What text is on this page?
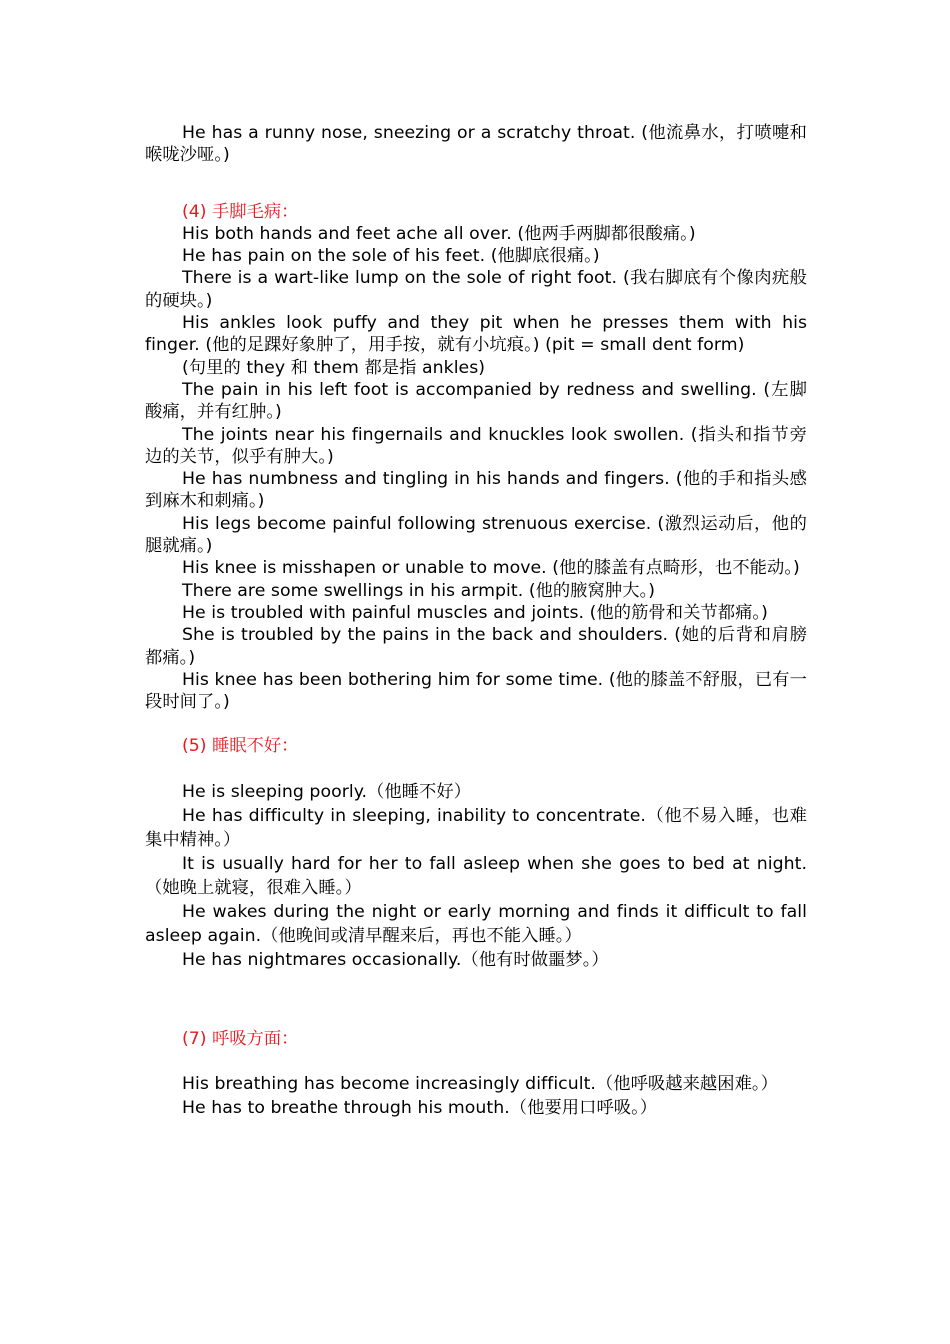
He has a runny nose, sneezing or a scratchy throat. (他流鼻水，打喷嚏和喉咙沙哑。)

(4) 手脚毛病：

His both hands and feet ache all over. (他两手两脚都很酸痛。)

He has pain on the sole of his feet. (他脚底很痛。)

There is a wart-like lump on the sole of right foot. (我右脚底有个像肉疣般的硬块。)

His ankles look puffy and they pit when he presses them with his finger. (他的足踝好象肿了，用手按，就有小坑痕。) (pit = small dent form)

(句里的 they 和 them 都是指 ankles)

The pain in his left foot is accompanied by redness and swelling. (左脚酸痛，并有红肿。)

The joints near his fingernails and knuckles look swollen. (指头和指节旁边的关节，似乎有肿大。)

He has numbness and tingling in his hands and fingers. (他的手和指头感到麻木和刺痛。)

His legs become painful following strenuous exercise. (激烈运动后，他的腿就痛。)

His knee is misshapen or unable to move. (他的膝盖有点畸形，也不能动。)

There are some swellings in his armpit. (他的腋窝肿大。)

He is troubled with painful muscles and joints. (他的筋骨和关节都痛。)

She is troubled by the pains in the back and shoulders. (她的后背和肩膀都痛。)

His knee has been bothering him for some time. (他的膝盖不舒服，已有一段时间了。)

(5) 睡眠不好：

He is sleeping poorly.（他睡不好）

He has difficulty in sleeping, inability to concentrate.（他不易入睡，也难集中精神。）

It is usually hard for her to fall asleep when she goes to bed at night.（她晚上就寝，很难入睡。）

He wakes during the night or early morning and finds it difficult to fall asleep again.（他晚间或清早醒来后，再也不能入睡。）

He has nightmares occasionally.（他有时做噩梦。）

(7) 呼吸方面：

His breathing has become increasingly difficult.（他呼吸越来越困难。）

He has to breathe through his mouth.（他要用口呼吸。）
